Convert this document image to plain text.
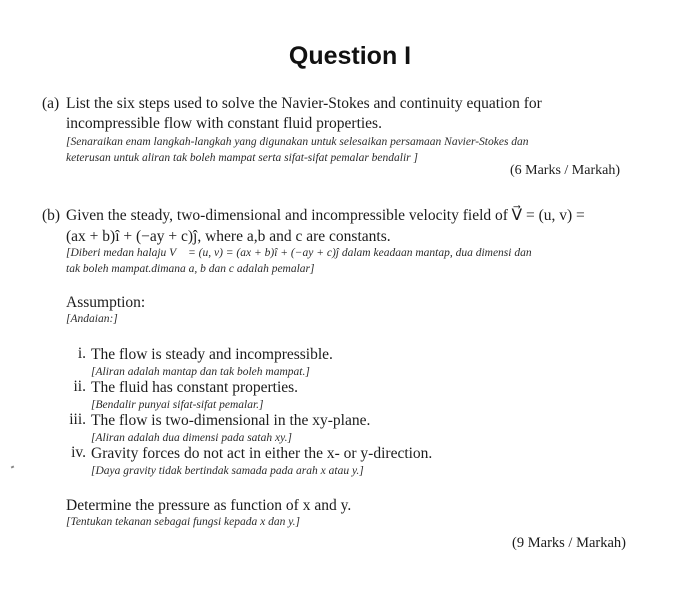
Question I
(a) List the six steps used to solve the Navier-Stokes and continuity equation for
incompressible flow with constant fluid properties.
[Senaraikan enam langkah-langkah yang digunakan untuk selesaikan persamaan Navier-Stokes dan
keterusan untuk aliran tak boleh mampat serta sifat-sifat pemalar bendalir ]
(6 Marks / Markah)
(b) Given the steady, two-dimensional and incompressible velocity field of V⃗ = (u, v) =
(ax + b)î + (−ay + c)ĵ, where a,b and c are constants.
[Diberi medan halaju V⃗ = (u, v) = (ax + b)î + (−ay + c)ĵ dalam keadaan mantap, dua dimensi dan
tak boleh mampat.dimana a, b dan c adalah pemalar]
Assumption:
[Andaian:]
i. The flow is steady and incompressible.
[Aliran adalah mantap dan tak boleh mampat.]
ii. The fluid has constant properties.
[Bendalir punyai sifat-sifat pemalar.]
iii. The flow is two-dimensional in the xy-plane.
[Aliran adalah dua dimensi pada satah xy.]
iv. Gravity forces do not act in either the x- or y-direction.
[Daya gravity tidak bertindak samada pada arah x atau y.]
Determine the pressure as function of x and y.
[Tentukan tekanan sebagai fungsi kepada x dan y.]
(9 Marks / Markah)
